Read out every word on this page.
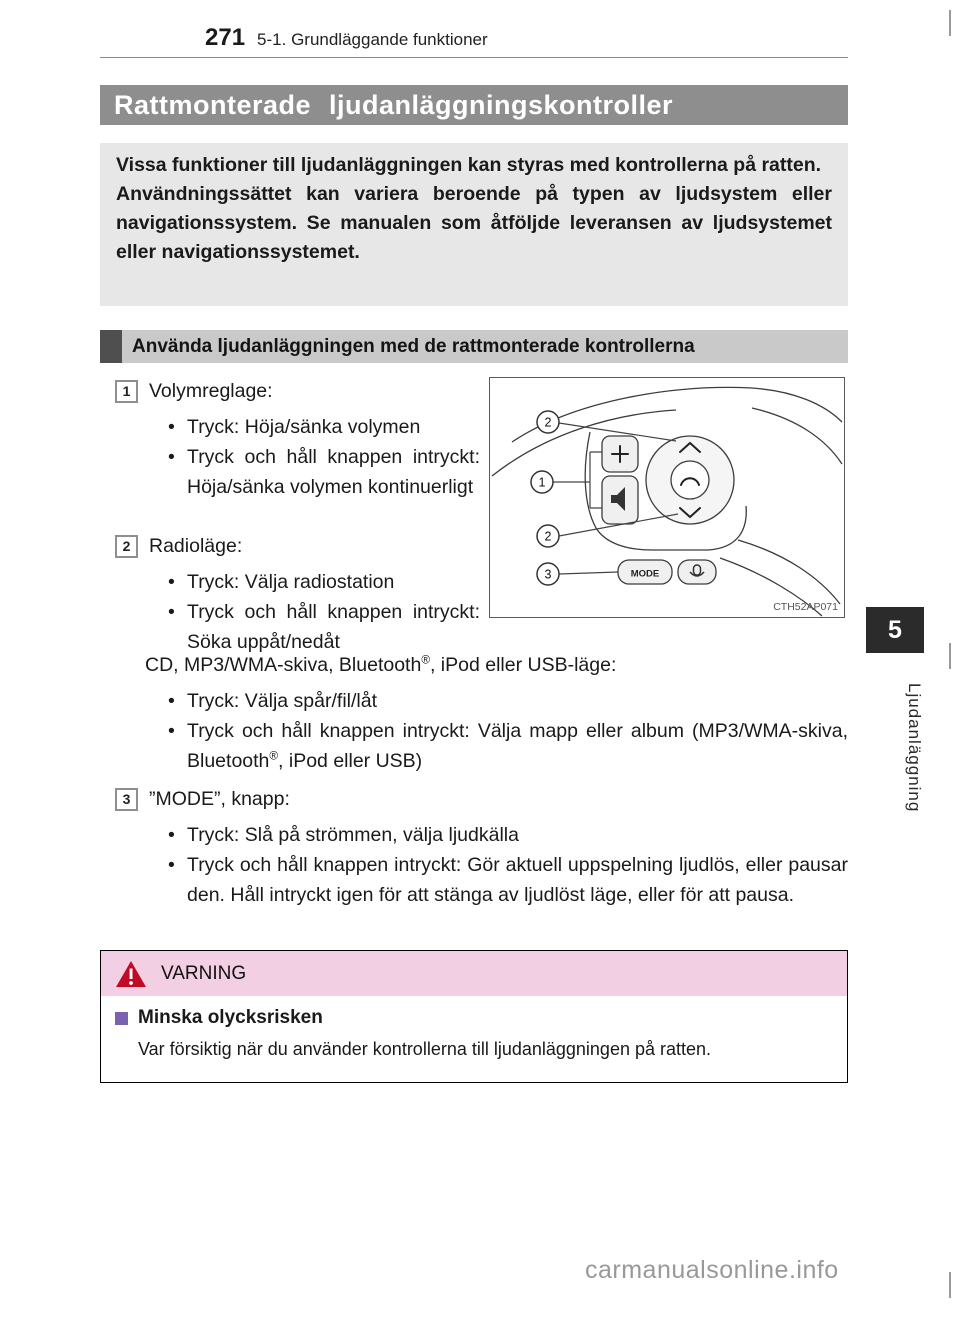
271 5-1. Grundläggande funktioner
Rattmonterade ljudanläggningskontroller

Vissa funktioner till ljudanläggningen kan styras med kontrollerna på ratten.

Användningssättet kan variera beroende på typen av ljudsystem eller navigationssystem. Se manualen som åtföljde leveransen av ljudsystemet eller navigationssystemet.

Använda ljudanläggningen med de rattmonterade kontrollerna
1 Volymreglage:
• Tryck: Höja/sänka volymen
• Tryck och håll knappen intryckt: Höja/sänka volymen kontinuerligt
2 Radioläge:
• Tryck: Välja radiostation
• Tryck och håll knappen intryckt: Söka uppåt/nedåt
CD, MP3/WMA-skiva, Bluetooth®, iPod eller USB-läge:
• Tryck: Välja spår/fil/låt
• Tryck och håll knappen intryckt: Välja mapp eller album (MP3/WMA-skiva, Bluetooth®, iPod eller USB)
3 ”MODE”, knapp:
• Tryck: Slå på strömmen, välja ljudkälla
• Tryck och håll knappen intryckt: Gör aktuell uppspelning ljudlös, eller pausar den. Håll intryckt igen för att stänga av ljudlöst läge, eller för att pausa.
2
1
2
3	MODE
CTH52AP071
VARNING
Minska olycksrisken
Var försiktig när du använder kontrollerna till ljudanläggningen på ratten.
5
Ljudanläggning
carmanualsonline.info
